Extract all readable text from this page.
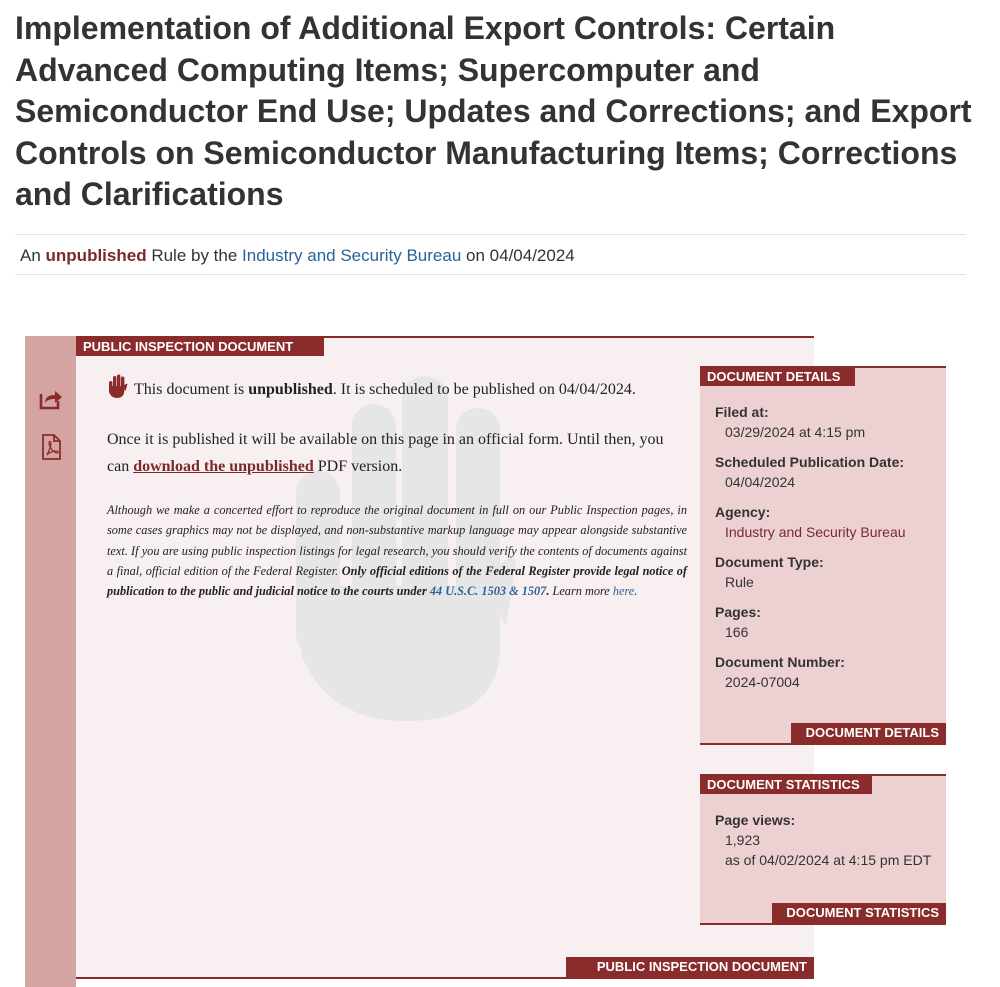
Implementation of Additional Export Controls: Certain Advanced Computing Items; Supercomputer and Semiconductor End Use; Updates and Corrections; and Export Controls on Semiconductor Manufacturing Items; Corrections and Clarifications
An unpublished Rule by the Industry and Security Bureau on 04/04/2024
PUBLIC INSPECTION DOCUMENT

This document is unpublished. It is scheduled to be published on 04/04/2024.

Once it is published it will be available on this page in an official form. Until then, you can download the unpublished PDF version.

Although we make a concerted effort to reproduce the original document in full on our Public Inspection pages, in some cases graphics may not be displayed, and non-substantive markup language may appear alongside substantive text. If you are using public inspection listings for legal research, you should verify the contents of documents against a final, official edition of the Federal Register. Only official editions of the Federal Register provide legal notice of publication to the public and judicial notice to the courts under 44 U.S.C. 1503 & 1507. Learn more here.

PUBLIC INSPECTION DOCUMENT
DOCUMENT DETAILS
Filed at:
03/29/2024 at 4:15 pm
Scheduled Publication Date:
04/04/2024
Agency:
Industry and Security Bureau
Document Type:
Rule
Pages:
166
Document Number:
2024-07004
DOCUMENT DETAILS
DOCUMENT STATISTICS
Page views:
1,923
as of 04/02/2024 at 4:15 pm EDT
DOCUMENT STATISTICS
